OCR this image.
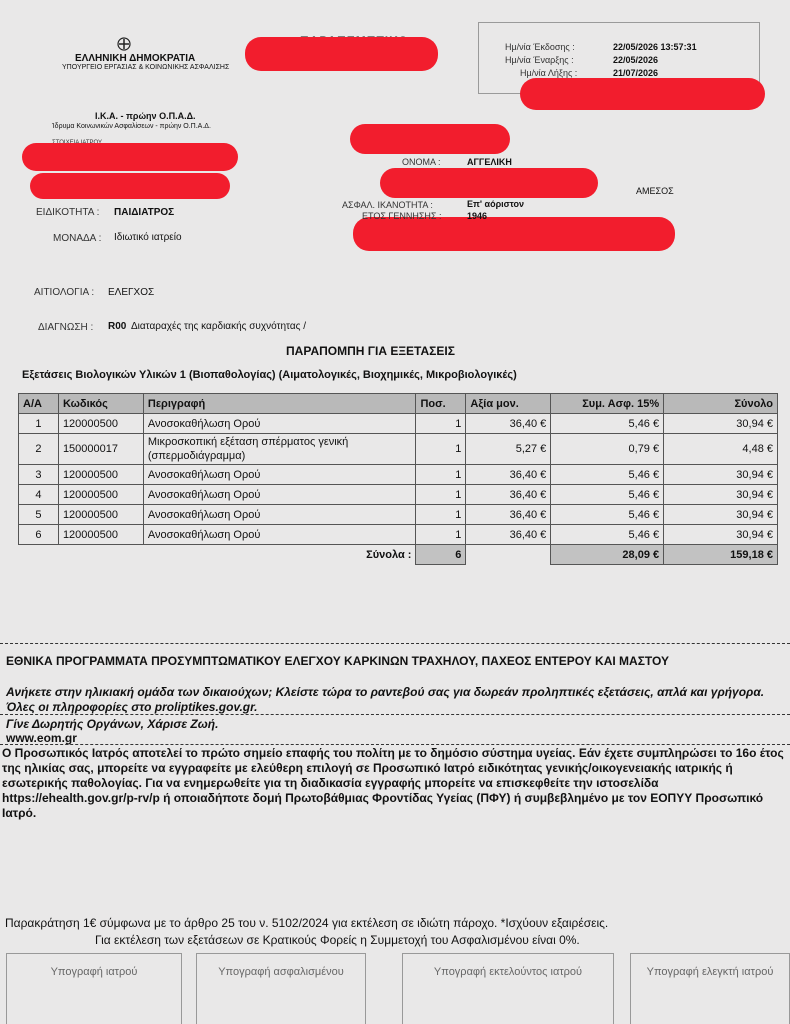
ΕΛΛΗΝΙΚΗ ΔΗΜΟΚΡΑΤΙΑ
ΥΠΟΥΡΓΕΙΟ ΕΡΓΑΣΙΑΣ & ΚΟΙΝΩΝΙΚΗΣ ΑΣΦΑΛΙΣΗΣ
Ι.Κ.Α. - πρώην Ο.Π.Α.Δ.
Ίδρυμα Κοινωνικών Ασφαλίσεων - πρώην Ο.Π.Α.Δ.
Ημ/νία Έκδοσης :	22/05/2026 13:57:31
Ημ/νία Έναρξης :	22/05/2026
Ημ/νία Λήξης :	21/07/2026
ΕΙΔΙΚΟΤΗΤΑ : ΠΑΙΔΙΑΤΡΟΣ
ΜΟΝΑΔΑ : Ιδιωτικό ιατρείο
ΟΝΟΜΑ :	ΑΓΓΕΛΙΚΗ
ΑΜΕΣΟΣ
ΑΣΦΑΛ. ΙΚΑΝΟΤΗΤΑ :	Επ' αόριστον
ΕΤΟΣ ΓΕΝΝΗΣΗΣ :	1946
ΑΙΤΙΟΛΟΓΙΑ : ΕΛΕΓΧΟΣ
ΔΙΑΓΝΩΣΗ : R00 Διαταραχές της καρδιακής συχνότητας /
ΠΑΡΑΠΟΜΠΗ ΓΙΑ ΕΞΕΤΑΣΕΙΣ
Εξετάσεις Βιολογικών Υλικών 1 (Βιοπαθολογίας) (Αιματολογικές, Βιοχημικές, Μικροβιολογικές)
Α/Α	Κωδικός	Περιγραφή	Ποσ.	Αξία μον.	Συμ. Ασφ. 15%	Σύνολο
1	120000500	Ανοσοκαθήλωση Ορού	1	36,40 €	5,46 €	30,94 €
2	150000017	Μικροσκοπική εξέταση σπέρματος γενική
(σπερμοδιάγραμμα)	1	5,27 €	0,79 €	4,48 €
3	120000500	Ανοσοκαθήλωση Ορού	1	36,40 €	5,46 €	30,94 €
4	120000500	Ανοσοκαθήλωση Ορού	1	36,40 €	5,46 €	30,94 €
5	120000500	Ανοσοκαθήλωση Ορού	1	36,40 €	5,46 €	30,94 €
6	120000500	Ανοσοκαθήλωση Ορού	1	36,40 €	5,46 €	30,94 €
Σύνολα :			6		28,09 €	159,18 €
ΕΘΝΙΚΑ ΠΡΟΓΡΑΜΜΑΤΑ ΠΡΟΣΥΜΠΤΩΜΑΤΙΚΟΥ ΕΛΕΓΧΟΥ ΚΑΡΚΙΝΩΝ ΤΡΑΧΗΛΟΥ, ΠΑΧΕΟΣ ΕΝΤΕΡΟΥ ΚΑΙ ΜΑΣΤΟΥ
Ανήκετε στην ηλικιακή ομάδα των δικαιούχων; Κλείστε τώρα το ραντεβού σας για δωρεάν προληπτικές εξετάσεις, απλά και γρήγορα. Όλες οι πληροφορίες στο proliptikes.gov.gr.
Γίνε Δωρητής Οργάνων, Χάρισε Ζωή.
www.eom.gr
Ο Προσωπικός Ιατρός αποτελεί το πρώτο σημείο επαφής του πολίτη με το δημόσιο σύστημα υγείας. Εάν έχετε συμπληρώσει το 16ο έτος της ηλικίας σας, μπορείτε να εγγραφείτε με ελεύθερη επιλογή σε Προσωπικό Ιατρό ειδικότητας γενικής/οικογενειακής ιατρικής ή εσωτερικής παθολογίας. Για να ενημερωθείτε για τη διαδικασία εγγραφής μπορείτε να επισκεφθείτε την ιστοσελίδα https://ehealth.gov.gr/p-rv/p ή οποιαδήποτε δομή Πρωτοβάθμιας Φροντίδας Υγείας (ΠΦΥ) ή συμβεβλημένο με τον ΕΟΠΥΥ Προσωπικό Ιατρό.
Παρακράτηση 1€ σύμφωνα με το άρθρο 25 του ν. 5102/2024 για εκτέλεση σε ιδιώτη πάροχο. *Ισχύουν εξαιρέσεις.
Για εκτέλεση των εξετάσεων σε Κρατικούς Φορείς η Συμμετοχή του Ασφαλισμένου είναι 0%.
Υπογραφή ιατρού	Υπογραφή ασφαλισμένου	Υπογραφή εκτελούντος ιατρού	Υπογραφή ελεγκτή ιατρού
